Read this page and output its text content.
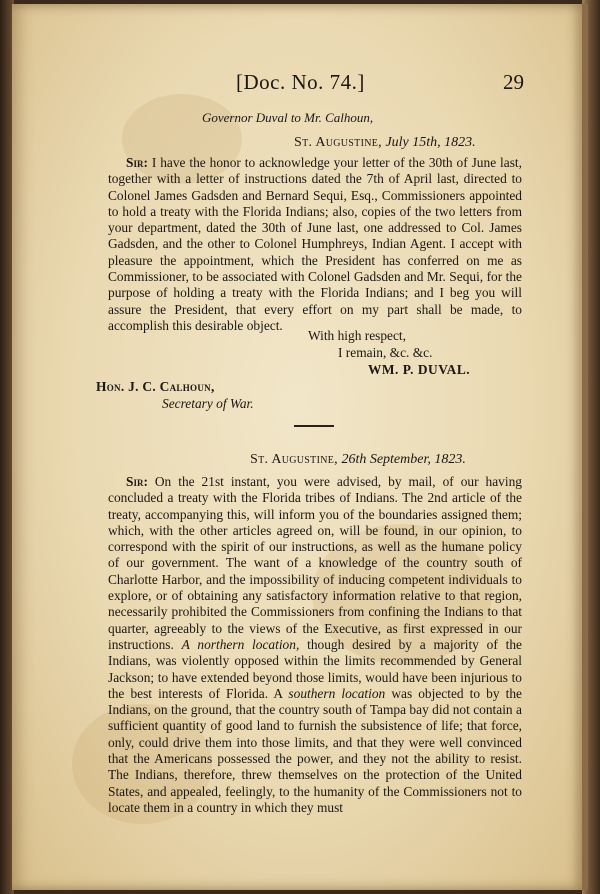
[Doc. No. 74.]	29
Governor Duval to Mr. Calhoun,
St. Augustine, July 15th, 1823.
Sir: I have the honor to acknowledge your letter of the 30th of June last, together with a letter of instructions dated the 7th of April last, directed to Colonel James Gadsden and Bernard Sequi, Esq., Commissioners appointed to hold a treaty with the Florida Indians; also, copies of the two letters from your department, dated the 30th of June last, one addressed to Col. James Gadsden, and the other to Colonel Humphreys, Indian Agent. I accept with pleasure the appointment, which the President has conferred on me as Commissioner, to be associated with Colonel Gadsden and Mr. Sequi, for the purpose of holding a treaty with the Florida Indians; and I beg you will assure the President, that every effort on my part shall be made, to accomplish this desirable object.
With high respect,
I remain, &c. &c.
WM. P. DUVAL.
Hon. J. C. Calhoun,
Secretary of War.
St. Augustine, 26th September, 1823.
Sir: On the 21st instant, you were advised, by mail, of our having concluded a treaty with the Florida tribes of Indians. The 2nd article of the treaty, accompanying this, will inform you of the boundaries assigned them; which, with the other articles agreed on, will be found, in our opinion, to correspond with the spirit of our instructions, as well as the humane policy of our government. The want of a knowledge of the country south of Charlotte Harbor, and the impossibility of inducing competent individuals to explore, or of obtaining any satisfactory information relative to that region, necessarily prohibited the Commissioners from confining the Indians to that quarter, agreeably to the views of the Executive, as first expressed in our instructions. A northern location, though desired by a majority of the Indians, was violently opposed within the limits recommended by General Jackson; to have extended beyond those limits, would have been injurious to the best interests of Florida. A southern location was objected to by the Indians, on the ground, that the country south of Tampa bay did not contain a sufficient quantity of good land to furnish the subsistence of life; that force, only, could drive them into those limits, and that they were well convinced that the Americans possessed the power, and they not the ability to resist. The Indians, therefore, threw themselves on the protection of the United States, and appealed, feelingly, to the humanity of the Commissioners not to locate them in a country in which they must
